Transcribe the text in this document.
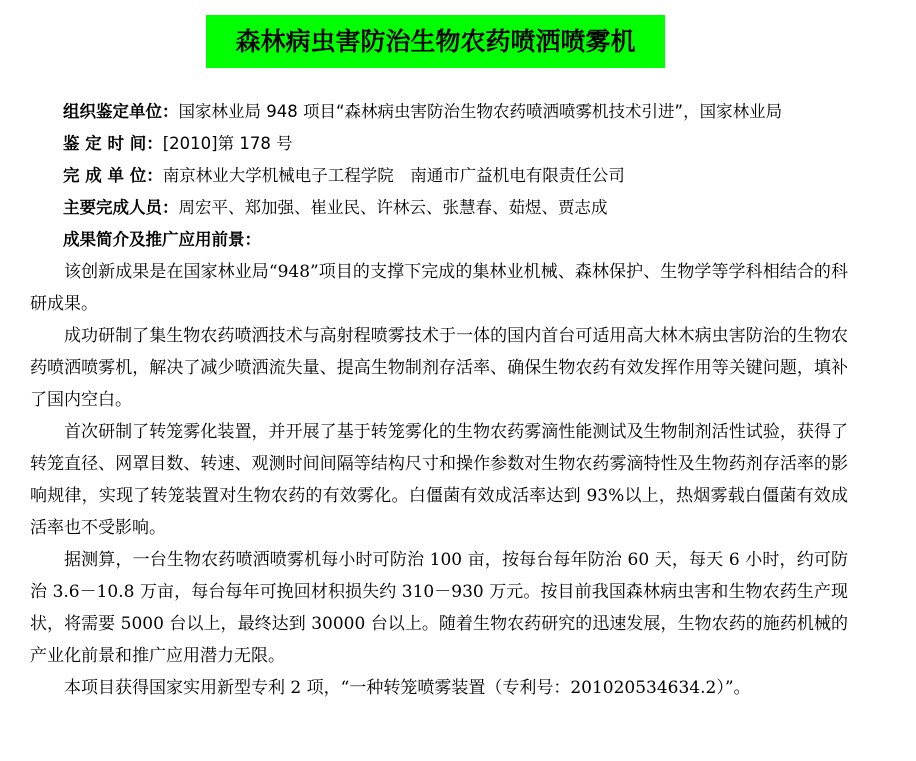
森林病虫害防治生物农药喷洒喷雾机

组织鉴定单位：国家林业局 948 项目“森林病虫害防治生物农药喷洒喷雾机技术引进”，国家林业局

鉴 定 时 间：[2010]第 178 号

完 成 单 位：南京林业大学机械电子工程学院　南通市广益机电有限责任公司

主要完成人员：周宏平、郑加强、崔业民、许林云、张慧春、茹煜、贾志成

成果简介及推广应用前景：

该创新成果是在国家林业局“948”项目的支撑下完成的集林业机械、森林保护、生物学等学科相结合的科研成果。

成功研制了集生物农药喷洒技术与高射程喷雾技术于一体的国内首台可适用高大林木病虫害防治的生物农药喷洒喷雾机，解决了减少喷洒流失量、提高生物制剂存活率、确保生物农药有效发挥作用等关键问题，填补了国内空白。

首次研制了转笼雾化装置，并开展了基于转笼雾化的生物农药雾滴性能测试及生物制剂活性试验，获得了转笼直径、网罩目数、转速、观测时间间隔等结构尺寸和操作参数对生物农药雾滴特性及生物药剂存活率的影响规律，实现了转笼装置对生物农药的有效雾化。白僵菌有效成活率达到 93%以上，热烟雾载白僵菌有效成活率也不受影响。

据测算，一台生物农药喷洒喷雾机每小时可防治 100 亩，按每台每年防治 60 天，每天 6 小时，约可防治 3.6－10.8 万亩，每台每年可挽回材积损失约 310－930 万元。按目前我国森林病虫害和生物农药生产现状，将需要 5000 台以上，最终达到 30000 台以上。随着生物农药研究的迅速发展，生物农药的施药机械的产业化前景和推广应用潜力无限。

本项目获得国家实用新型专利 2 项，“一种转笼喷雾装置（专利号：201020534634.2）”。
